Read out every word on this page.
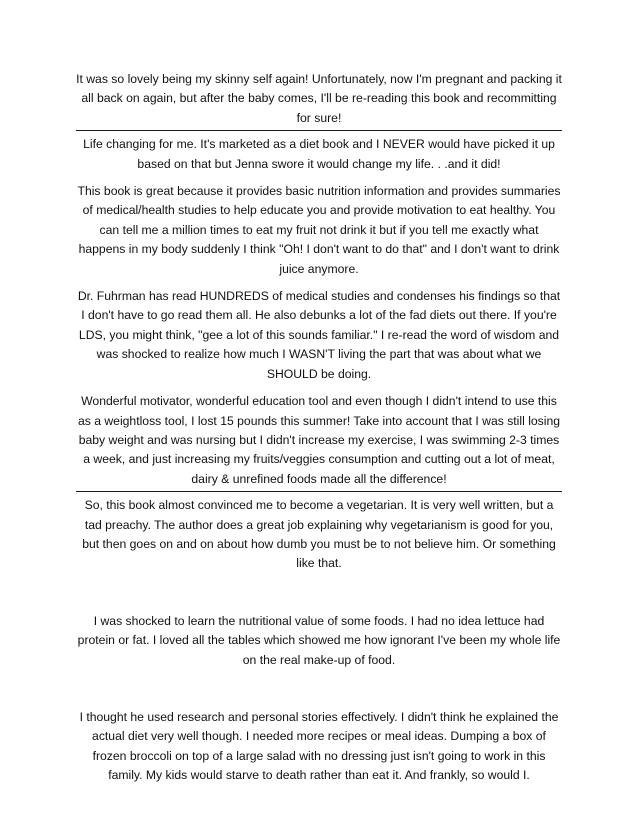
It was so lovely being my skinny self again! Unfortunately, now I'm pregnant and packing it all back on again, but after the baby comes, I'll be re-reading this book and recommitting for sure!

Life changing for me. It's marketed as a diet book and I NEVER would have picked it up based on that but Jenna swore it would change my life. . .and it did!

This book is great because it provides basic nutrition information and provides summaries of medical/health studies to help educate you and provide motivation to eat healthy. You can tell me a million times to eat my fruit not drink it but if you tell me exactly what happens in my body suddenly I think "Oh! I don't want to do that" and I don't want to drink juice anymore.

Dr. Fuhrman has read HUNDREDS of medical studies and condenses his findings so that I don't have to go read them all. He also debunks a lot of the fad diets out there. If you're LDS, you might think, "gee a lot of this sounds familiar." I re-read the word of wisdom and was shocked to realize how much I WASN'T living the part that was about what we SHOULD be doing.

Wonderful motivator, wonderful education tool and even though I didn't intend to use this as a weightloss tool, I lost 15 pounds this summer! Take into account that I was still losing baby weight and was nursing but I didn't increase my exercise, I was swimming 2-3 times a week, and just increasing my fruits/veggies consumption and cutting out a lot of meat, dairy & unrefined foods made all the difference!

So, this book almost convinced me to become a vegetarian. It is very well written, but a tad preachy. The author does a great job explaining why vegetarianism is good for you, but then goes on and on about how dumb you must be to not believe him. Or something like that.

I was shocked to learn the nutritional value of some foods. I had no idea lettuce had protein or fat. I loved all the tables which showed me how ignorant I've been my whole life on the real make-up of food.

I thought he used research and personal stories effectively. I didn't think he explained the actual diet very well though. I needed more recipes or meal ideas. Dumping a box of frozen broccoli on top of a large salad with no dressing just isn't going to work in this family. My kids would starve to death rather than eat it. And frankly, so would I.
